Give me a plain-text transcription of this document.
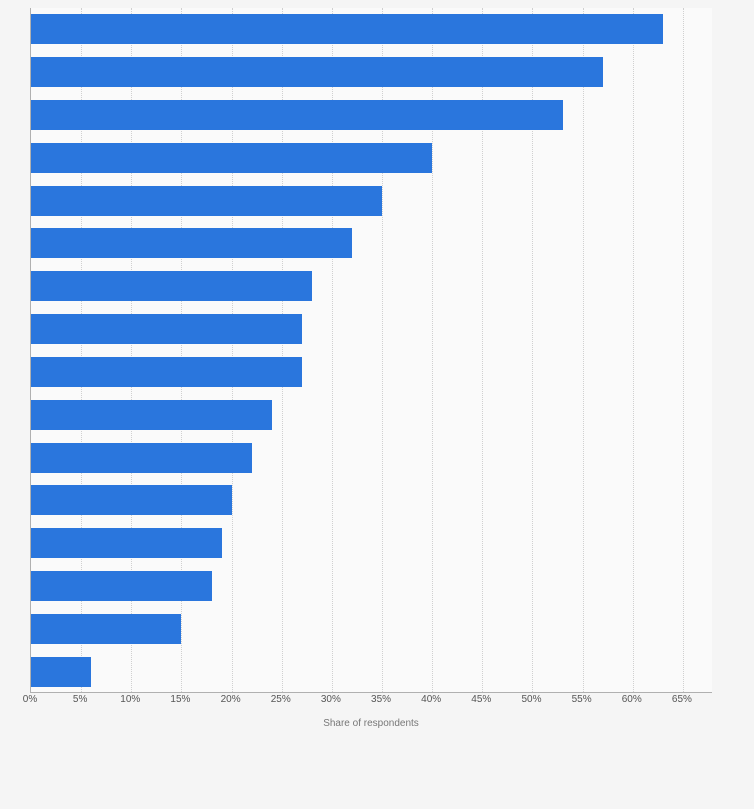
0%	5%	10%	15%	20%	25%	30%	35%	40%	45%	50%	55%	60%	65%
Share of respondents
